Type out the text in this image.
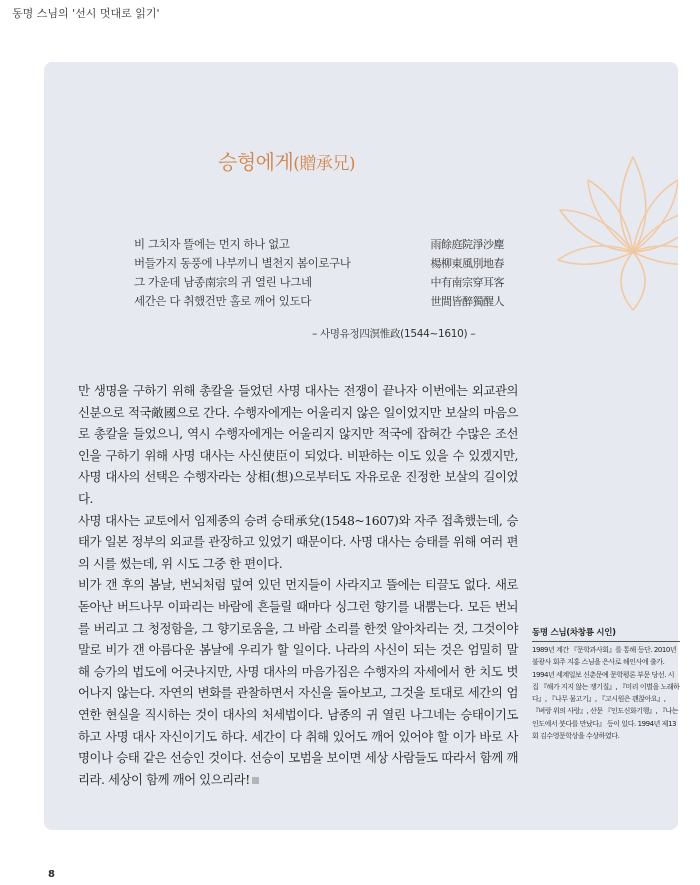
동명 스님의 '선시 멋대로 읽기'
승형에게(贈承兄)
비 그치자 뜰에는 먼지 하나 없고	雨餘庭院淨沙塵
버들가지 동풍에 나부끼니 별천지 봄이로구나	楊柳東風別地春
그 가운데 남종南宗의 귀 열린 나그네	中有南宗穿耳客
세간은 다 취했건만 홀로 깨어 있도다	世間皆醉獨醒人
– 사명유정四溟惟政(1544~1610) –

만 생명을 구하기 위해 총칼을 들었던 사명 대사는 전쟁이 끝나자 이번에는 외교관의 신분으로 적국敵國으로 간다. 수행자에게는 어울리지 않은 일이었지만 보살의 마음으로 총칼을 들었으니, 역시 수행자에게는 어울리지 않지만 적국에 잡혀간 수많은 조선인을 구하기 위해 사명 대사는 사신使臣이 되었다. 비판하는 이도 있을 수 있겠지만, 사명 대사의 선택은 수행자라는 상相(想)으로부터도 자유로운 진정한 보살의 길이었다.

사명 대사는 교토에서 임제종의 승려 승태承兌(1548~1607)와 자주 접촉했는데, 승태가 일본 정부의 외교를 관장하고 있었기 때문이다. 사명 대사는 승태를 위해 여러 편의 시를 썼는데, 위 시도 그중 한 편이다.

비가 갠 후의 봄날, 번뇌처럼 덮여 있던 먼지들이 사라지고 뜰에는 티끌도 없다. 새로 돋아난 버드나무 이파리는 바람에 흔들릴 때마다 싱그런 향기를 내뿜는다. 모든 번뇌를 버리고 그 청정함을, 그 향기로움을, 그 바람 소리를 한껏 알아차리는 것, 그것이야말로 비가 갠 아름다운 봄날에 우리가 할 일이다. 나라의 사신이 되는 것은 엄밀히 말해 승가의 법도에 어긋나지만, 사명 대사의 마음가짐은 수행자의 자세에서 한 치도 벗어나지 않는다. 자연의 변화를 관찰하면서 자신을 돌아보고, 그것을 토대로 세간의 엄연한 현실을 직시하는 것이 대사의 처세법이다. 남종의 귀 열린 나그네는 승태이기도 하고 사명 대사 자신이기도 하다. 세간이 다 취해 있어도 깨어 있어야 할 이가 바로 사명이나 승태 같은 선승인 것이다. 선승이 모범을 보이면 세상 사람들도 따라서 함께 깨리라. 세상이 함께 깨어 있으리라!

동명 스님(차창룡 시인)

1989년 계간 『문학과사회』를 통해 등단. 2010년 불광사 회주 지홍 스님을 은사로 해인사에 출가.

1994년 세계일보 신춘문예 문학평론 부문 당선. 시집 『해가 지지 않는 쟁기질』, 『미리 이별을 노래하다』, 『나무 물고기』, 『고시원은 괜찮아요』, 『벼랑 위의 사랑』, 산문 『인도신화기행』, 『나는 인도에서 붓다를 만났다』 등이 있다. 1994년 제13회 김수영문학상을 수상하였다.

8
